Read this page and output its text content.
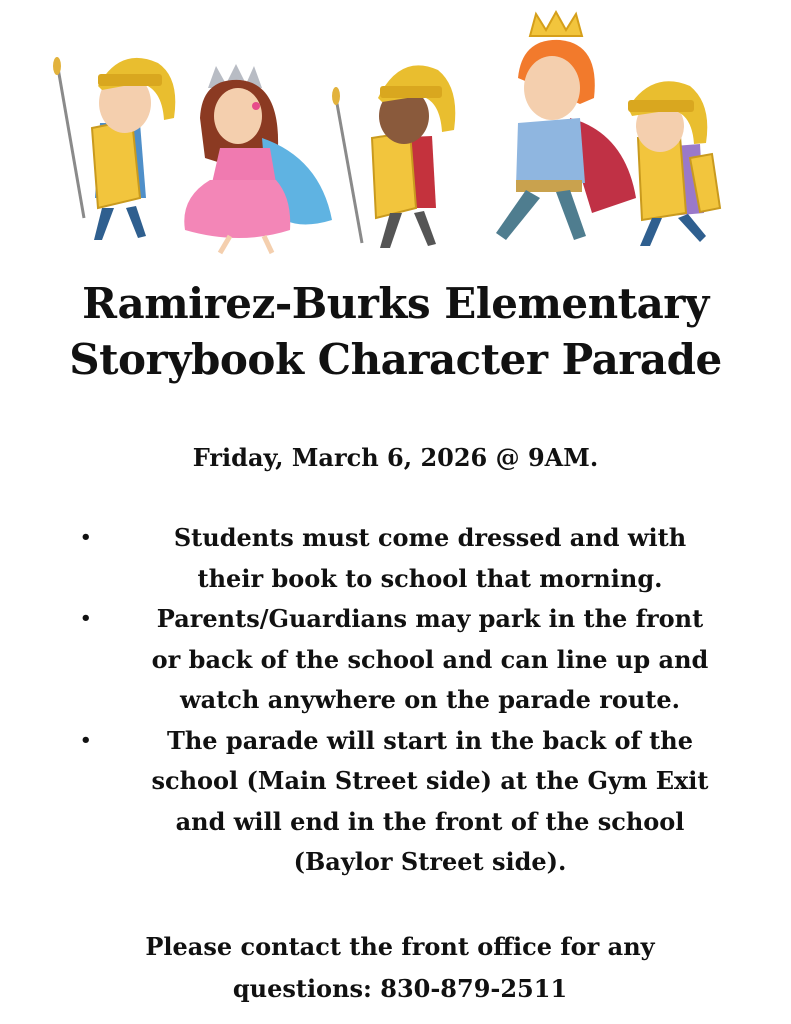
Ramirez-Burks Elementary
Storybook Character Parade

Friday, March 6, 2026 @ 9AM.

•	Students must come dressed and with
their book to school that morning.
•	Parents/Guardians may park in the front
or back of the school and can line up and
watch anywhere on the parade route.
•	The parade will start in the back of the
school (Main Street side) at the Gym Exit
and will end in the front of the school
(Baylor Street side).

Please contact the front office for any
questions: 830-879-2511
